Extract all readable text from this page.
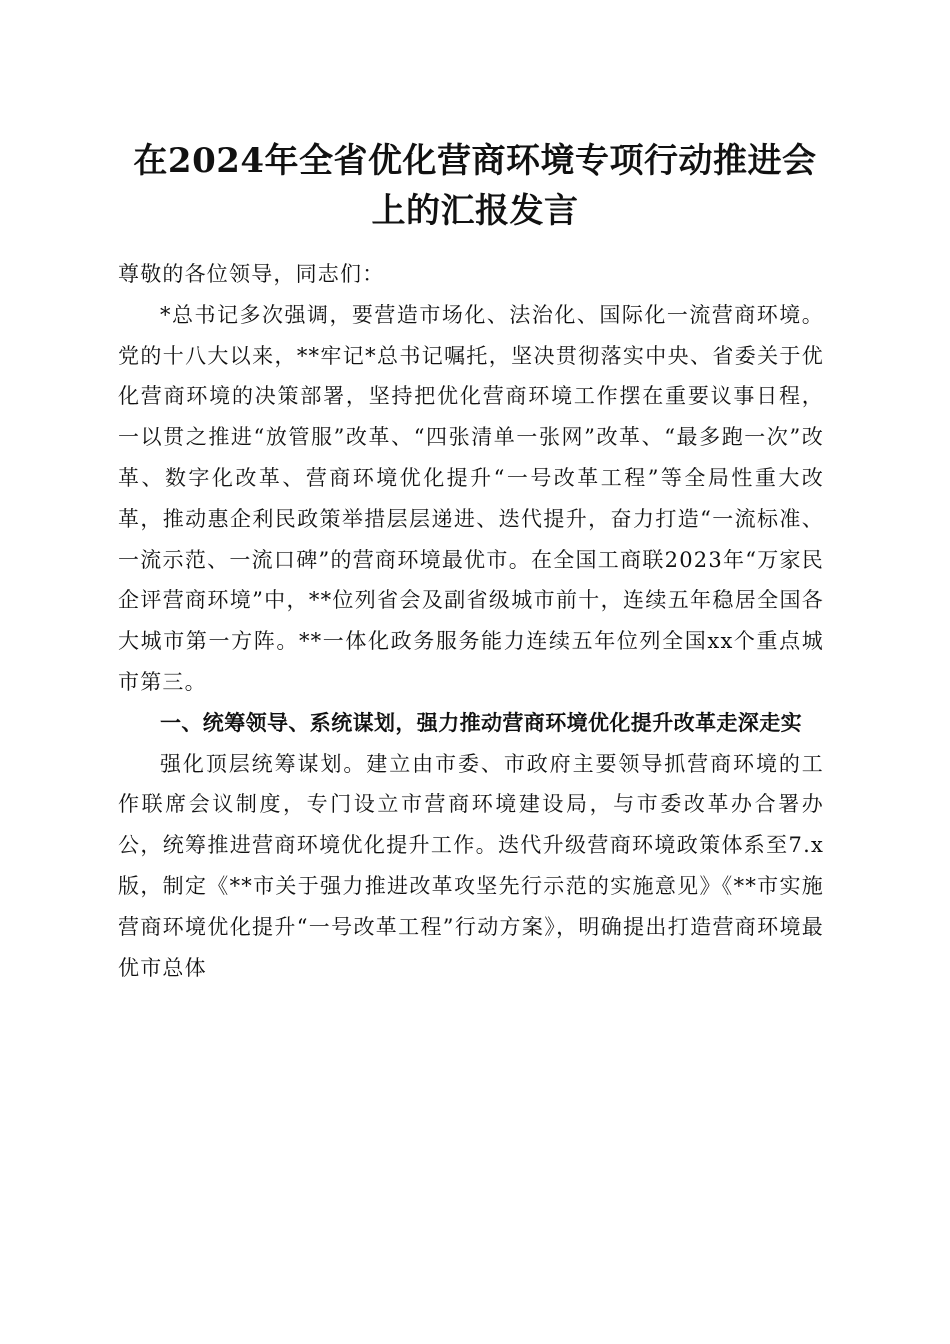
在2024年全省优化营商环境专项行动推进会
上的汇报发言

尊敬的各位领导，同志们：

*总书记多次强调，要营造市场化、法治化、国际化一流营商环境。党的十八大以来，**牢记*总书记嘱托，坚决贯彻落实中央、省委关于优化营商环境的决策部署，坚持把优化营商环境工作摆在重要议事日程，一以贯之推进“放管服”改革、“四张清单一张网”改革、“最多跑一次”改革、数字化改革、营商环境优化提升“一号改革工程”等全局性重大改革，推动惠企利民政策举措层层递进、迭代提升，奋力打造“一流标准、一流示范、一流口碑”的营商环境最优市。在全国工商联2023年“万家民企评营商环境”中，**位列省会及副省级城市前十，连续五年稳居全国各大城市第一方阵。**一体化政务服务能力连续五年位列全国xx个重点城市第三。

一、统筹领导、系统谋划，强力推动营商环境优化提升改革走深走实

强化顶层统筹谋划。建立由市委、市政府主要领导抓营商环境的工作联席会议制度，专门设立市营商环境建设局，与市委改革办合署办公，统筹推进营商环境优化提升工作。迭代升级营商环境政策体系至7.x版，制定《**市关于强力推进改革攻坚先行示范的实施意见》《**市实施营商环境优化提升“一号改革工程”行动方案》，明确提出打造营商环境最优市总体
